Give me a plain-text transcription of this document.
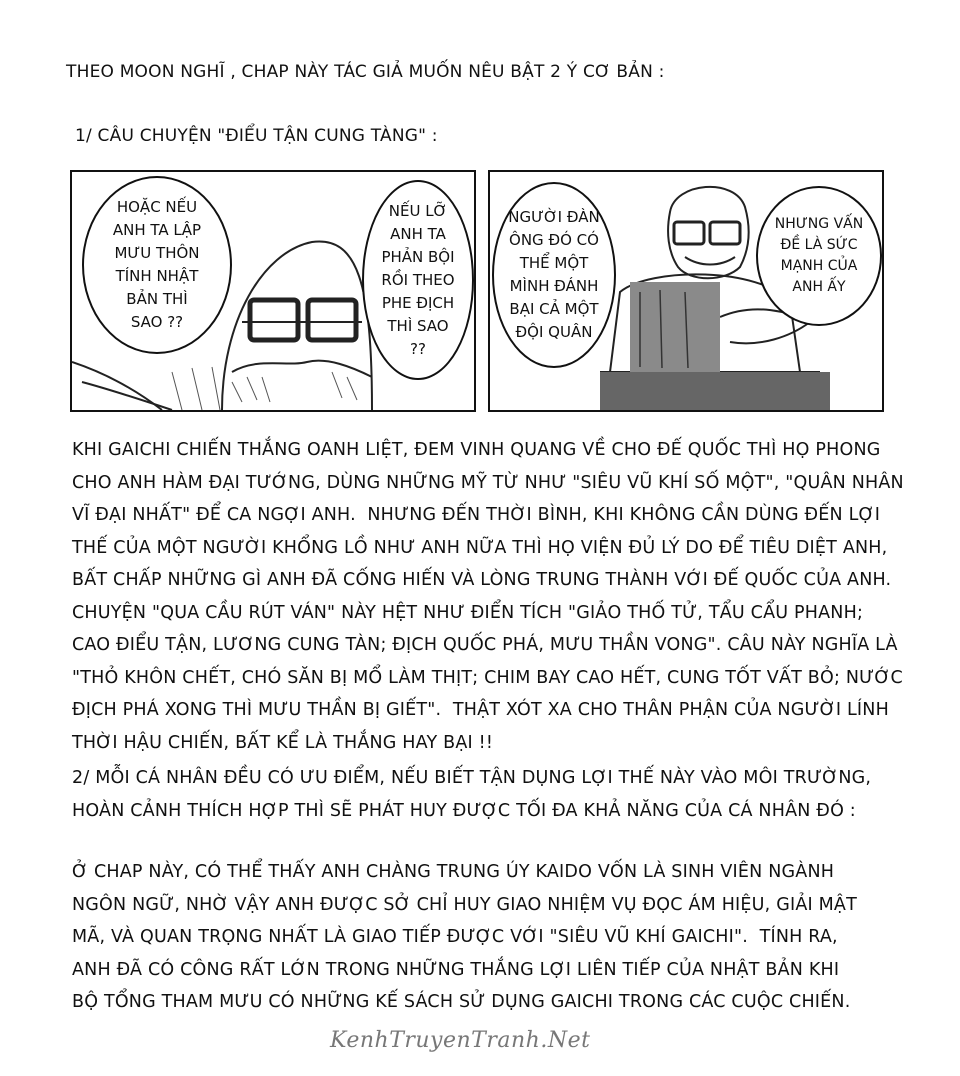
THEO MOON NGHĨ , CHAP NÀY TÁC GIẢ MUỐN NÊU BẬT 2 Ý CƠ BẢN :
1/ CÂU CHUYỆN "ĐIỂU TẬN CUNG TÀNG" :
HOẶC NẾU
ANH TA LẬP
MƯU THÔN
TÍNH NHẬT
BẢN THÌ
SAO ??
NẾU LỠ
ANH TA
PHẢN BỘI
RỒI THEO
PHE ĐỊCH
THÌ SAO
??
NGƯỜI ĐÀN
ÔNG ĐÓ CÓ
THỂ MỘT
MÌNH ĐÁNH
BẠI CẢ MỘT
ĐỘI QUÂN
NHƯNG VẤN
ĐỀ LÀ SỨC
MẠNH CỦA
ANH ẤY
KHI GAICHI CHIẾN THẮNG OANH LIỆT, ĐEM VINH QUANG VỀ CHO ĐẾ QUỐC THÌ HỌ PHONG
CHO ANH HÀM ĐẠI TƯỚNG, DÙNG NHỮNG MỸ TỪ NHƯ "SIÊU VŨ KHÍ SỐ MỘT", "QUÂN NHÂN
VĨ ĐẠI NHẤT" ĐỂ CA NGỢI ANH.  NHƯNG ĐẾN THỜI BÌNH, KHI KHÔNG CẦN DÙNG ĐẾN LỢI
THẾ CỦA MỘT NGƯỜI KHỔNG LỒ NHƯ ANH NỮA THÌ HỌ VIỆN ĐỦ LÝ DO ĐỂ TIÊU DIỆT ANH,
BẤT CHẤP NHỮNG GÌ ANH ĐÃ CỐNG HIẾN VÀ LÒNG TRUNG THÀNH VỚI ĐẾ QUỐC CỦA ANH.
CHUYỆN "QUA CẦU RÚT VÁN" NÀY HỆT NHƯ ĐIỂN TÍCH "GIẢO THỐ TỬ, TẨU CẨU PHANH;
CAO ĐIỂU TẬN, LƯƠNG CUNG TÀN; ĐỊCH QUỐC PHÁ, MƯU THẦN VONG". CÂU NÀY NGHĨA LÀ
"THỎ KHÔN CHẾT, CHÓ SĂN BỊ MỔ LÀM THỊT; CHIM BAY CAO HẾT, CUNG TỐT VẤT BỎ; NƯỚC
ĐỊCH PHÁ XONG THÌ MƯU THẦN BỊ GIẾT".  THẬT XÓT XA CHO THÂN PHẬN CỦA NGƯỜI LÍNH
THỜI HẬU CHIẾN, BẤT KỂ LÀ THẮNG HAY BẠI !!
2/ MỖI CÁ NHÂN ĐỀU CÓ ƯU ĐIỂM, NẾU BIẾT TẬN DỤNG LỢI THẾ NÀY VÀO MÔI TRƯỜNG,
HOÀN CẢNH THÍCH HỢP THÌ SẼ PHÁT HUY ĐƯỢC TỐI ĐA KHẢ NĂNG CỦA CÁ NHÂN ĐÓ :
Ở CHAP NÀY, CÓ THỂ THẤY ANH CHÀNG TRUNG ÚY KAIDO VỐN LÀ SINH VIÊN NGÀNH
NGÔN NGỮ, NHỜ VẬY ANH ĐƯỢC SỞ CHỈ HUY GIAO NHIỆM VỤ ĐỌC ÁM HIỆU, GIẢI MẬT
MÃ, VÀ QUAN TRỌNG NHẤT LÀ GIAO TIẾP ĐƯỢC VỚI "SIÊU VŨ KHÍ GAICHI".  TÍNH RA,
ANH ĐÃ CÓ CÔNG RẤT LỚN TRONG NHỮNG THẮNG LỢI LIÊN TIẾP CỦA NHẬT BẢN KHI
BỘ TỔNG THAM MƯU CÓ NHỮNG KẾ SÁCH SỬ DỤNG GAICHI TRONG CÁC CUỘC CHIẾN.
KenhTruyenTranh.Net
